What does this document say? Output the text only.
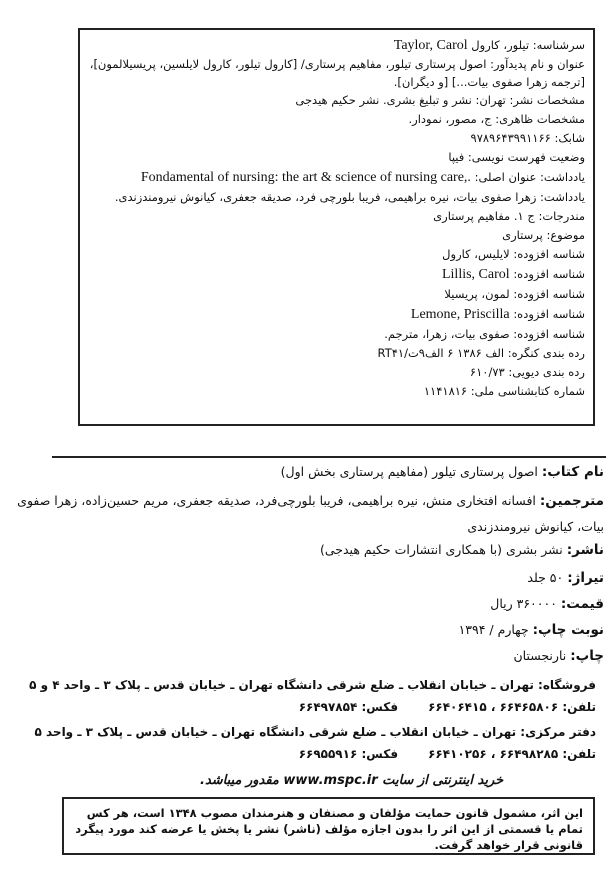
سرشناسه: تیلور، کارول Taylor, Carol
عنوان و نام پدیدآور: اصول پرستاری تیلور، مفاهیم پرستاری/ [کارول تیلور، کارول لایلسین، پریسیلالمون]، [ترجمه زهرا صفوی بیات...] [و دیگران].
مشخصات نشر: تهران: نشر و تبلیغ بشری. نشر حکیم هیدجی
مشخصات ظاهری: ج، مصور، نمودار.
شابک: ۹۷۸۹۶۴۳۹۹۱۱۶۶
وضعیت فهرست نویسی: فیپا
یادداشت: عنوان اصلی: Fondamental of nursing: the art & science of nursing care,.
یادداشت: زهرا صفوی بیات، نیره براهیمی، فریبا بلورچی فرد، صدیقه جعفری، کیانوش نیرومندزندی.
مندرجات: ج ۱. مفاهیم پرستاری
موضوع: پرستاری
شناسه افزوده: لایلیس، کارول
شناسه افزوده: Lillis, Carol
شناسه افزوده: لمون، پریسیلا
شناسه افزوده: Lemone, Priscilla
شناسه افزوده: صفوی بیات، زهرا، مترجم.
رده بندی کنگره: الف ۱۳۸۶ ۶ الف۹ت/RT۴۱
رده بندی دیویی: ۶۱۰/۷۳
شماره کتابشناسی ملی: ۱۱۴۱۸۱۶
نام کتاب: اصول پرستاری تیلور (مفاهیم پرستاری بخش اول)
مترجمین: افسانه افتخاری منش، نیره براهیمی، فریبا بلورچی‌فرد، صدیقه جعفری، مریم حسین‌زاده، زهرا صفوی بیات، کیانوش نیرومندزندی
ناشر: نشر بشری (با همکاری انتشارات حکیم هیدجی)
تیراژ: ۵۰ جلد
قیمت: ۳۶۰۰۰۰ ریال
نوبت چاپ: چهارم / ۱۳۹۴
چاپ: نارنجستان
فروشگاه: تهران ـ خیابان انقلاب ـ ضلع شرقی دانشگاه تهران ـ خیابان قدس ـ پلاک ۳ ـ واحد ۴ و ۵
تلفن: ۶۶۴۶۵۸۰۶ ، ۶۶۴۰۶۴۱۵
فکس: ۶۶۴۹۷۸۵۴
دفتر مرکزی: تهران ـ خیابان انقلاب ـ ضلع شرقی دانشگاه تهران ـ خیابان قدس ـ پلاک ۳ ـ واحد ۵
تلفن: ۶۶۴۹۸۲۸۵ ، ۶۶۴۱۰۲۵۶
فکس: ۶۶۹۵۵۹۱۶
خرید اینترنتی از سایت www.mspc.ir مقدور میباشد.
این اثر، مشمول قانون حمایت مؤلفان و مصنفان و هنرمندان مصوب ۱۳۴۸ است، هر کس تمام یا قسمتی از این اثر را بدون اجازه مؤلف (ناشر) نشر یا پخش یا عرضه کند مورد پیگرد قانونی قرار خواهد گرفت.
